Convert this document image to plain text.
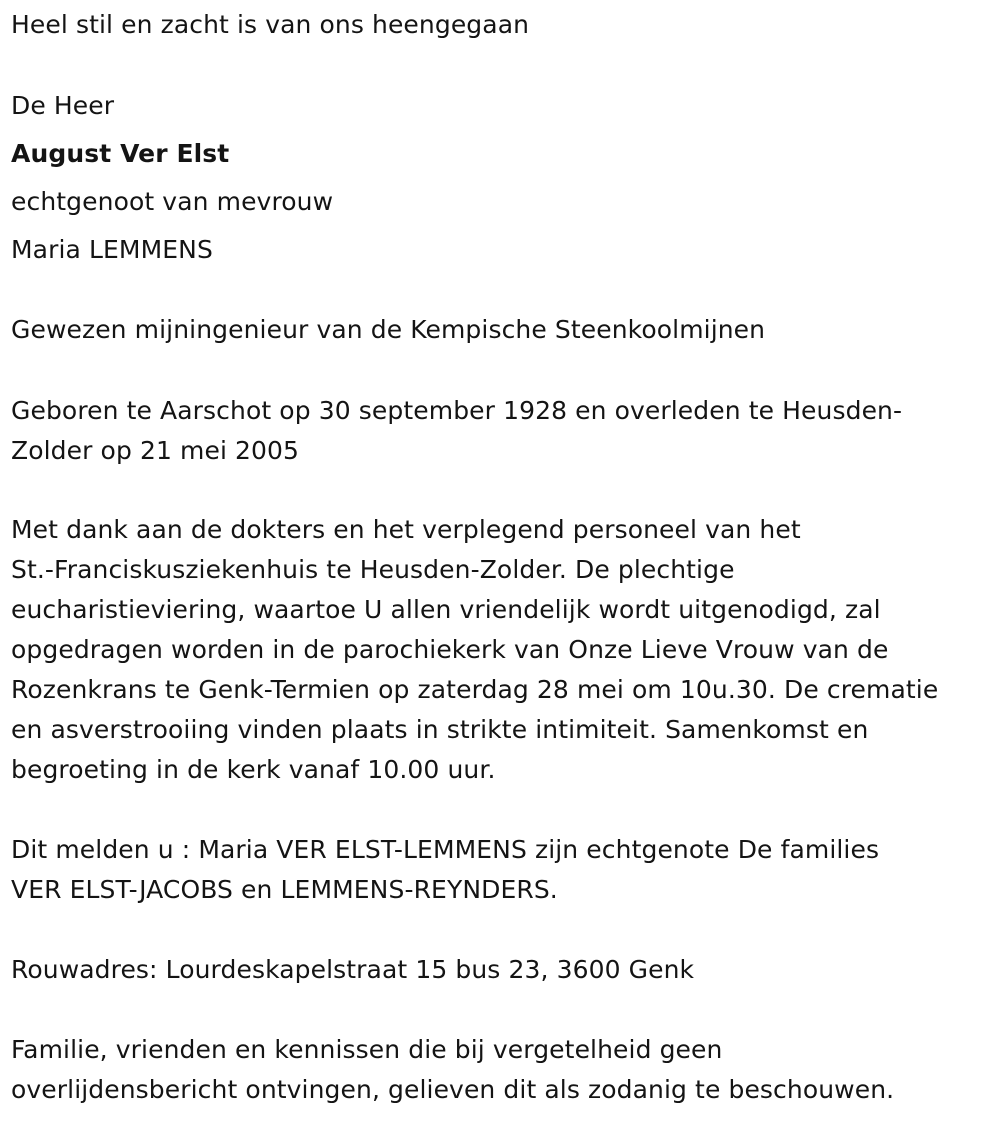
Heel stil en zacht is van ons heengegaan
De Heer
August Ver Elst
echtgenoot van mevrouw
Maria LEMMENS
Gewezen mijningenieur van de Kempische Steenkoolmijnen
Geboren te Aarschot op 30 september 1928 en overleden te Heusden-
Zolder op 21 mei 2005
Met dank aan de dokters en het verplegend personeel van het
St.-Franciskusziekenhuis te Heusden-Zolder. De plechtige
eucharistieviering, waartoe U allen vriendelijk wordt uitgenodigd, zal
opgedragen worden in de parochiekerk van Onze Lieve Vrouw van de
Rozenkrans te Genk-Termien op zaterdag 28 mei om 10u.30. De crematie
en asverstrooiing vinden plaats in strikte intimiteit. Samenkomst en
begroeting in de kerk vanaf 10.00 uur.
Dit melden u : Maria VER ELST-LEMMENS zijn echtgenote De families
VER ELST-JACOBS en LEMMENS-REYNDERS.
Rouwadres: Lourdeskapelstraat 15 bus 23, 3600 Genk
Familie, vrienden en kennissen die bij vergetelheid geen
overlijdensbericht ontvingen, gelieven dit als zodanig te beschouwen.
